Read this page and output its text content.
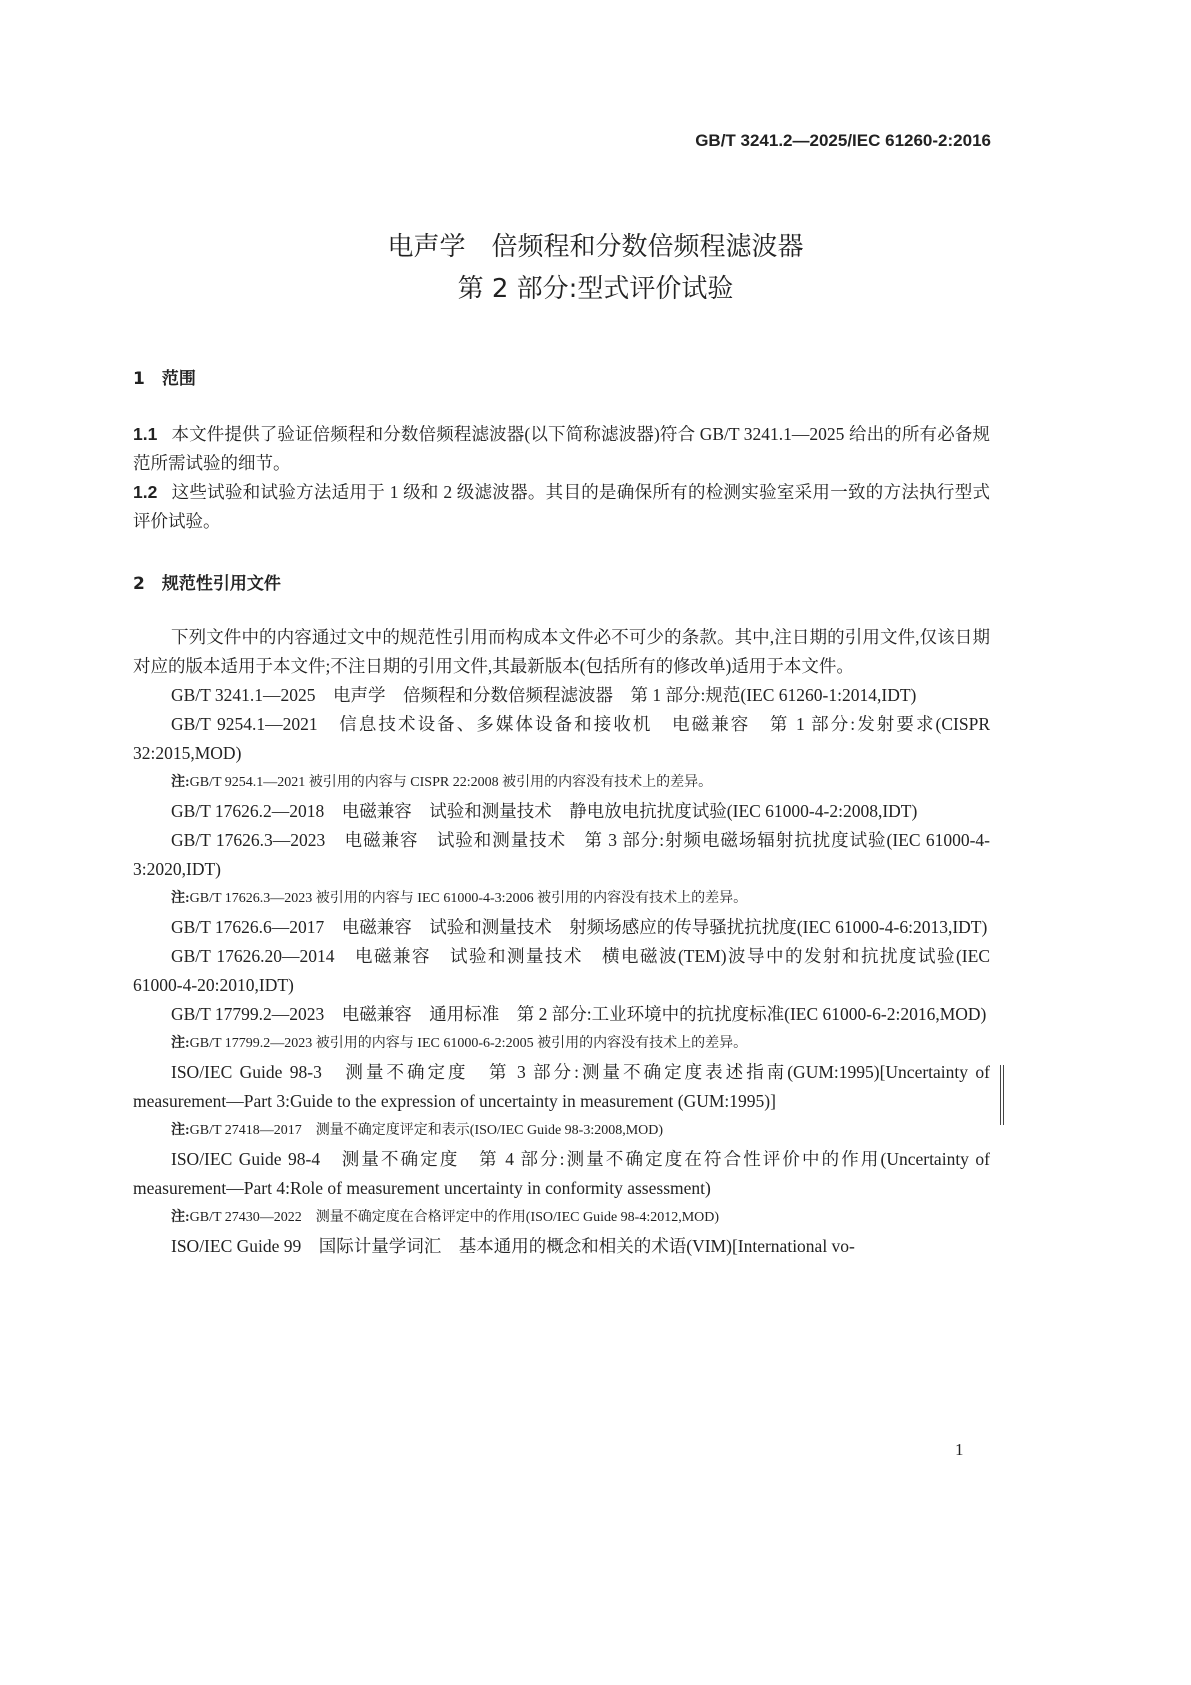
GB/T 3241.2—2025/IEC 61260-2:2016
电声学　倍频程和分数倍频程滤波器
第 2 部分:型式评价试验
1　范围

1.1 本文件提供了验证倍频程和分数倍频程滤波器(以下简称滤波器)符合 GB/T 3241.1—2025 给出的所有必备规范所需试验的细节。

1.2 这些试验和试验方法适用于 1 级和 2 级滤波器。其目的是确保所有的检测实验室采用一致的方法执行型式评价试验。

2　规范性引用文件

下列文件中的内容通过文中的规范性引用而构成本文件必不可少的条款。其中,注日期的引用文件,仅该日期对应的版本适用于本文件;不注日期的引用文件,其最新版本(包括所有的修改单)适用于本文件。

GB/T 3241.1—2025　电声学　倍频程和分数倍频程滤波器　第 1 部分:规范(IEC 61260-1:2014,IDT)

GB/T 9254.1—2021　信息技术设备、多媒体设备和接收机　电磁兼容　第 1 部分:发射要求(CISPR 32:2015,MOD)

注:GB/T 9254.1—2021 被引用的内容与 CISPR 22:2008 被引用的内容没有技术上的差异。

GB/T 17626.2—2018　电磁兼容　试验和测量技术　静电放电抗扰度试验(IEC 61000-4-2:2008,IDT)

GB/T 17626.3—2023　电磁兼容　试验和测量技术　第 3 部分:射频电磁场辐射抗扰度试验(IEC 61000-4-3:2020,IDT)

注:GB/T 17626.3—2023 被引用的内容与 IEC 61000-4-3:2006 被引用的内容没有技术上的差异。

GB/T 17626.6—2017　电磁兼容　试验和测量技术　射频场感应的传导骚扰抗扰度(IEC 61000-4-6:2013,IDT)

GB/T 17626.20—2014　电磁兼容　试验和测量技术　横电磁波(TEM)波导中的发射和抗扰度试验(IEC 61000-4-20:2010,IDT)

GB/T 17799.2—2023　电磁兼容　通用标准　第 2 部分:工业环境中的抗扰度标准(IEC 61000-6-2:2016,MOD)

注:GB/T 17799.2—2023 被引用的内容与 IEC 61000-6-2:2005 被引用的内容没有技术上的差异。

ISO/IEC Guide 98-3　测量不确定度　第 3 部分:测量不确定度表述指南(GUM:1995)[Uncertainty of measurement—Part 3:Guide to the expression of uncertainty in measurement (GUM:1995)]

注:GB/T 27418—2017　测量不确定度评定和表示(ISO/IEC Guide 98-3:2008,MOD)

ISO/IEC Guide 98-4　测量不确定度　第 4 部分:测量不确定度在符合性评价中的作用(Uncertainty of measurement—Part 4:Role of measurement uncertainty in conformity assessment)

注:GB/T 27430—2022　测量不确定度在合格评定中的作用(ISO/IEC Guide 98-4:2012,MOD)

ISO/IEC Guide 99　国际计量学词汇　基本通用的概念和相关的术语(VIM)[International vo-

1
